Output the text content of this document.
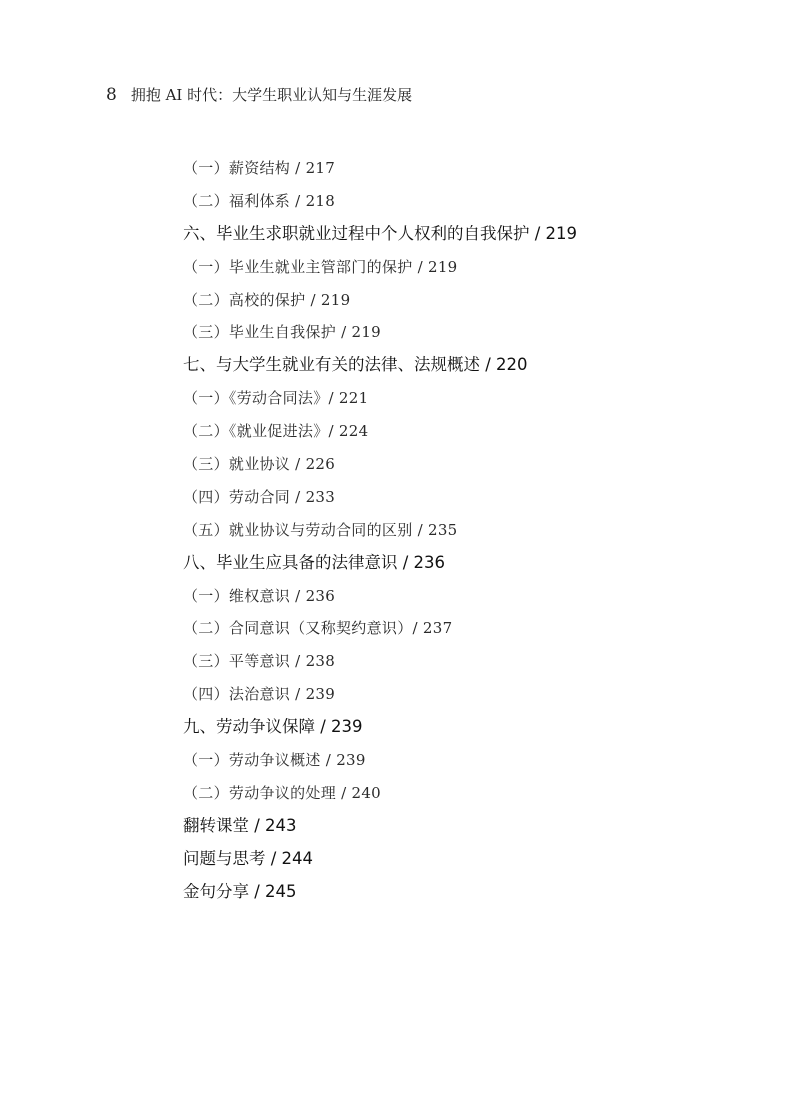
8 拥抱 AI 时代：大学生职业认知与生涯发展
（一）薪资结构 / 217
（二）福利体系 / 218
六、毕业生求职就业过程中个人权利的自我保护 / 219
（一）毕业生就业主管部门的保护 / 219
（二）高校的保护 / 219
（三）毕业生自我保护 / 219
七、与大学生就业有关的法律、法规概述 / 220
（一）《劳动合同法》/ 221
（二）《就业促进法》/ 224
（三）就业协议 / 226
（四）劳动合同 / 233
（五）就业协议与劳动合同的区别 / 235
八、毕业生应具备的法律意识 / 236
（一）维权意识 / 236
（二）合同意识（又称契约意识）/ 237
（三）平等意识 / 238
（四）法治意识 / 239
九、劳动争议保障 / 239
（一）劳动争议概述 / 239
（二）劳动争议的处理 / 240
翻转课堂 / 243
问题与思考 / 244
金句分享 / 245
